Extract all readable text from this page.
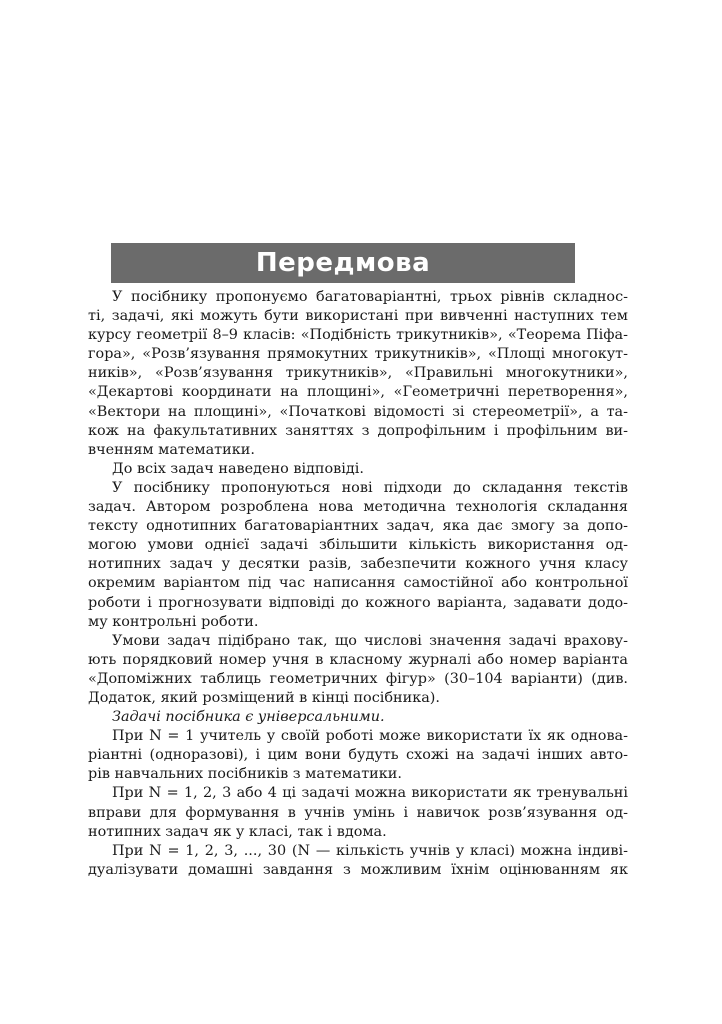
Передмова
У посібнику пропонуємо багатоваріантні, трьох рівнів складнос-
ті, задачі, які можуть бути використані при вивченні наступних тем
курсу геометрії 8–9 класів: «Подібність трикутників», «Теорема Піфа-
гора», «Розв’язування прямокутних трикутників», «Площі многокут-
ників», «Розв’язування трикутників», «Правильні многокутники»,
«Декартові координати на площині», «Геометричні перетворення»,
«Вектори на площині», «Початкові відомості зі стереометрії», а та-
кож на факультативних заняттях з допрофільним і профільним ви-
вченням математики.
До всіх задач наведено відповіді.
У посібнику пропонуються нові підходи до складання текстів
задач. Автором розроблена нова методична технологія складання
тексту однотипних багатоваріантних задач, яка дає змогу за допо-
могою умови однієї задачі збільшити кількість використання од-
нотипних задач у десятки разів, забезпечити кожного учня класу
окремим варіантом під час написання самостійної або контрольної
роботи і прогнозувати відповіді до кожного варіанта, задавати додо-
му контрольні роботи.
Умови задач підібрано так, що числові значення задачі врахову-
ють порядковий номер учня в класному журналі або номер варіанта
«Допоміжних таблиць геометричних фігур» (30–104 варіанти) (див.
Додаток, який розміщений в кінці посібника).
Задачі посібника є універсальними.
При N = 1 учитель у своїй роботі може використати їх як однова-
ріантні (одноразові), і цим вони будуть схожі на задачі інших авто-
рів навчальних посібників з математики.
При N = 1, 2, 3 або 4 ці задачі можна використати як тренувальні
вправи для формування в учнів умінь і навичок розв’язування од-
нотипних задач як у класі, так і вдома.
При N = 1, 2, 3, ..., 30 (N — кількість учнів у класі) можна індиві-
дуалізувати домашні завдання з можливим їхнім оцінюванням як
